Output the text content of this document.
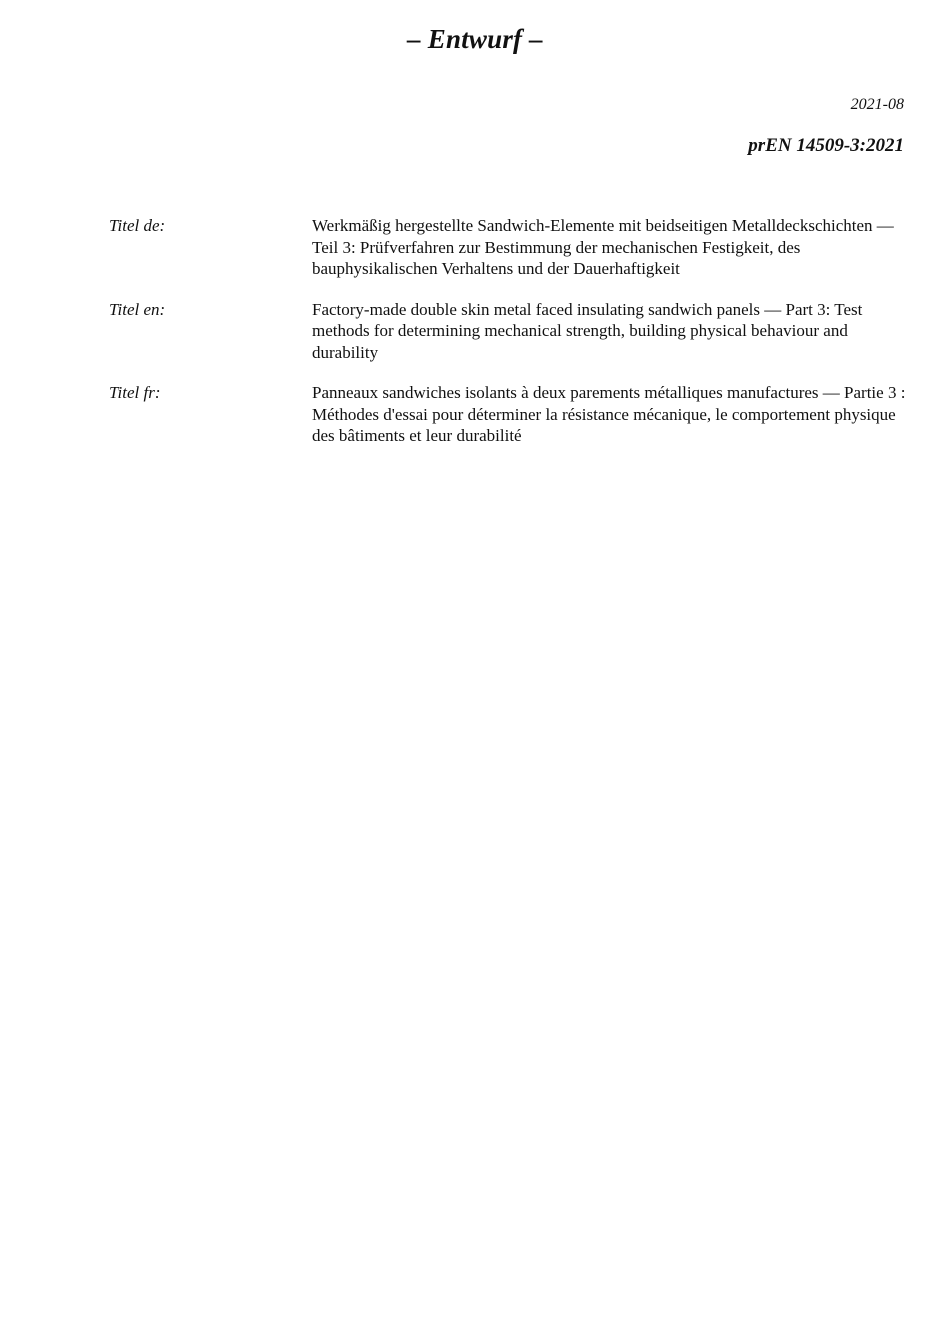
– Entwurf –
2021-08
prEN 14509-3:2021
Titel de:	Werkmäßig hergestellte Sandwich-Elemente mit beidseitigen Metalldeckschichten — Teil 3: Prüfverfahren zur Bestimmung der mechanischen Festigkeit, des bauphysikalischen Verhaltens und der Dauerhaftigkeit
Titel en:	Factory-made double skin metal faced insulating sandwich panels — Part 3: Test methods for determining mechanical strength, building physical behaviour and durability
Titel fr:	Panneaux sandwiches isolants à deux parements métalliques manufactures — Partie 3 : Méthodes d'essai pour déterminer la résistance mécanique, le comportement physique des bâtiments et leur durabilité
